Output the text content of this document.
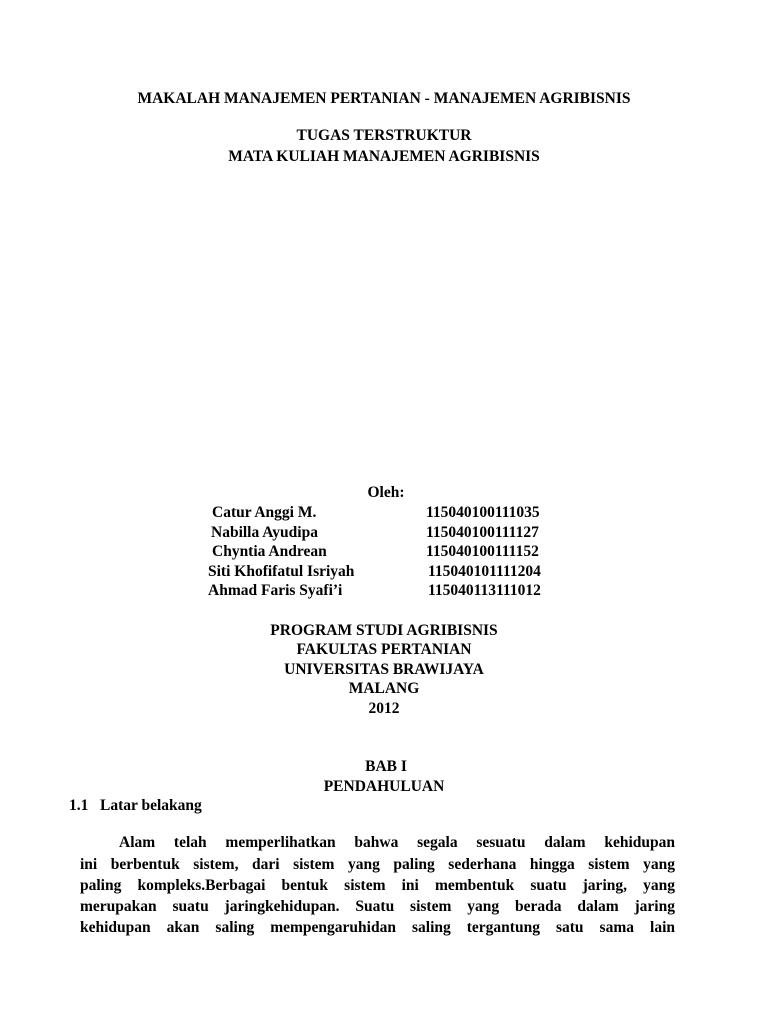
MAKALAH MANAJEMEN PERTANIAN - MANAJEMEN AGRIBISNIS
TUGAS TERSTRUKTUR
MATA KULIAH MANAJEMEN AGRIBISNIS
Oleh:
Catur Anggi M.	115040100111035
Nabilla Ayudipa	115040100111127
Chyntia Andrean	115040100111152
Siti Khofifatul Isriyah	115040101111204
Ahmad Faris Syafi’i	115040113111012
PROGRAM STUDI AGRIBISNIS
FAKULTAS PERTANIAN
UNIVERSITAS BRAWIJAYA
MALANG
2012
BAB I
PENDAHULUAN
1.1 Latar belakang
Alam telah memperlihatkan bahwa segala sesuatu dalam kehidupan
ini berbentuk sistem, dari sistem yang paling sederhana hingga sistem yang
paling kompleks.Berbagai bentuk sistem ini membentuk suatu jaring, yang
merupakan suatu jaringkehidupan. Suatu sistem yang berada dalam jaring
kehidupan akan saling mempengaruhidan saling tergantung satu sama lain
